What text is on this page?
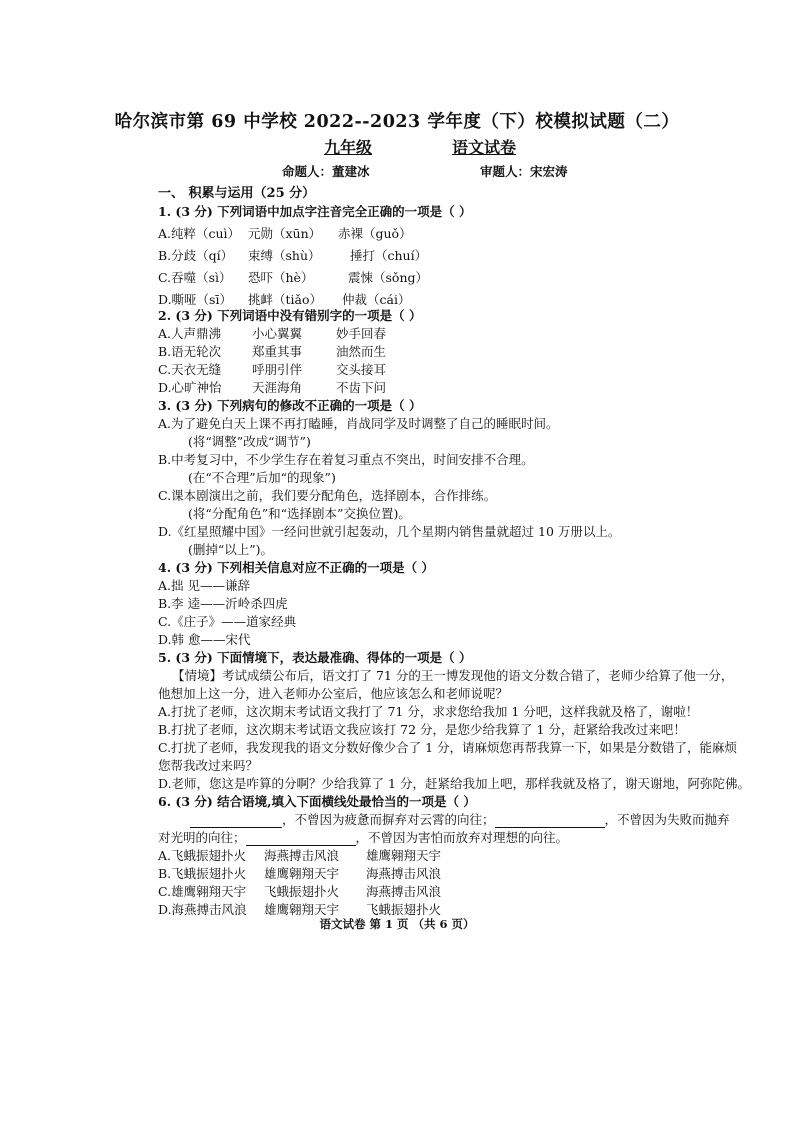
哈尔滨市第 69 中学校 2022--2023 学年度（下）校模拟试题（二）
九年级	语文试卷
命题人：董建冰	审题人：宋宏涛
一、 积累与运用（25 分）
1. (3 分) 下列词语中加点字注音完全正确的一项是（ ）
A.纯粹（cuì） 元勋（xūn） 赤裸（guǒ）
B.分歧（qí） 束缚（shù） 捶打（chuí）
C.吞噬（sì） 恐吓（hè）	震悚（sǒng）
D.嘶哑（sī） 挑衅（tiǎo） 仲裁（cái）
2. (3 分) 下列词语中没有错别字的一项是（ ）
A.人声鼎沸 小心翼翼	妙手回春
B.语无轮次 郑重其事	油然而生
C.天衣无缝 呼朋引伴	交头接耳
D.心旷神怡 天涯海角	不齿下问
3. (3 分) 下列病句的修改不正确的一项是（ ）
A.为了避免白天上课不再打瞌睡，肖战同学及时调整了自己的睡眠时间。
(将“调整”改成“调节”)
B.中考复习中，不少学生存在着复习重点不突出，时间安排不合理。
(在“不合理”后加“的现象”)
C.课本剧演出之前，我们要分配角色，选择剧本，合作排练。
(将“分配角色”和“选择剧本”交换位置)。
D.《红星照耀中国》一经问世就引起轰动，几个星期内销售量就超过 10 万册以上。
(删掉“以上”)。
4. (3 分) 下列相关信息对应不正确的一项是（ ）
A.拙 见——谦辞
B.李 逵——沂岭杀四虎
C.《庄子》——道家经典
D.韩 愈——宋代
5. (3 分) 下面情境下，表达最准确、得体的一项是（ ）
【情境】考试成绩公布后，语文打了 71 分的王一博发现他的语文分数合错了，老师少给算了他一分，
他想加上这一分，进入老师办公室后，他应该怎么和老师说呢？
A.打扰了老师，这次期末考试语文我打了 71 分，求求您给我加 1 分吧，这样我就及格了，谢啦！
B.打扰了老师，这次期末考试语文我应该打 72 分，是您少给我算了 1 分，赶紧给我改过来吧！
C.打扰了老师，我发现我的语文分数好像少合了 1 分，请麻烦您再帮我算一下，如果是分数错了，能麻烦
您帮我改过来吗？
D.老师，您这是咋算的分啊？少给我算了 1 分，赶紧给我加上吧，那样我就及格了，谢天谢地，阿弥陀佛。
6. (3 分) 结合语境,填入下面横线处最恰当的一项是（ ）
，不曾因为疲惫而摒弃对云霄的向往；	，不曾因为失败而抛弃
对光明的向往；	，不曾因为害怕而放弃对理想的向往。
A.飞蛾振翅扑火 海燕搏击风浪 雄鹰翱翔天宇
B.飞蛾振翅扑火 雄鹰翱翔天宇 海燕搏击风浪
C.雄鹰翱翔天宇 飞蛾振翅扑火 海燕搏击风浪
D.海燕搏击风浪 雄鹰翱翔天宇 飞蛾振翅扑火
语文试卷 第 1 页 （共 6 页）
